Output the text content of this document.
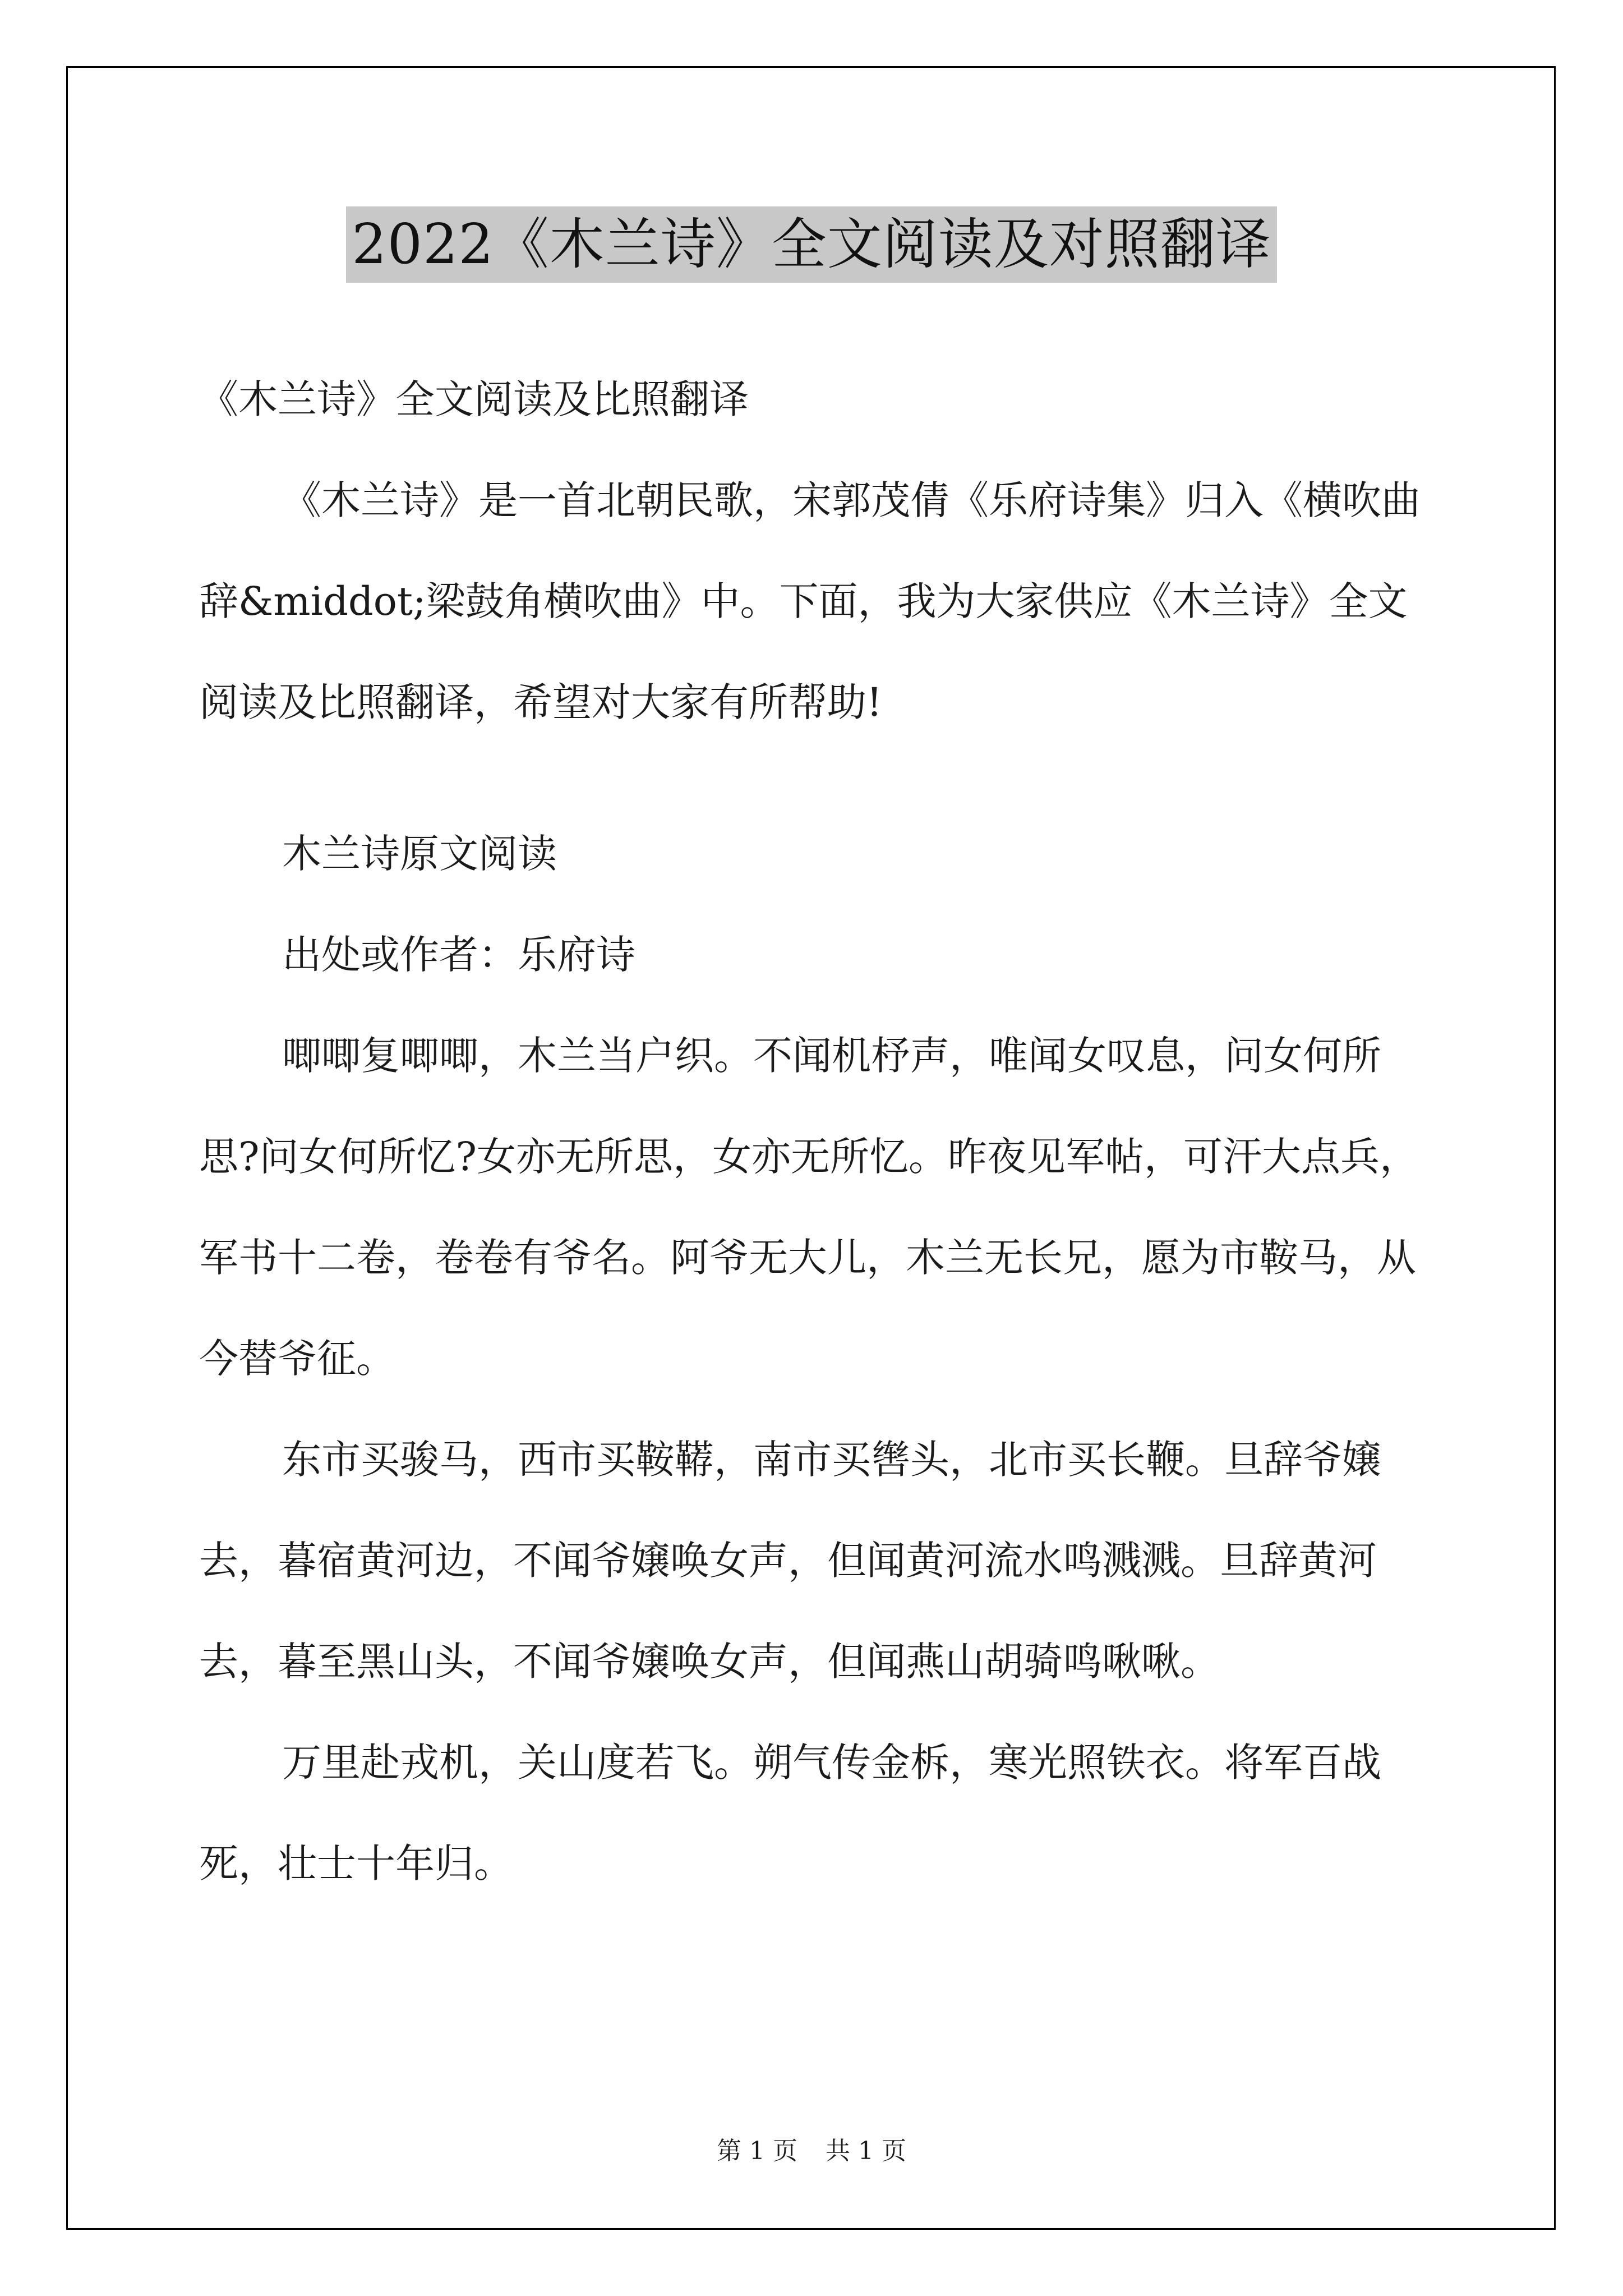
2022《木兰诗》全文阅读及对照翻译

《木兰诗》全文阅读及比照翻译

《木兰诗》是一首北朝民歌，宋郭茂倩《乐府诗集》归入《横吹曲辞&middot;梁鼓角横吹曲》中。下面，我为大家供应《木兰诗》全文阅读及比照翻译，希望对大家有所帮助!

木兰诗原文阅读

出处或作者：乐府诗

唧唧复唧唧，木兰当户织。不闻机杼声，唯闻女叹息，问女何所思?问女何所忆?女亦无所思，女亦无所忆。昨夜见军帖，可汗大点兵，军书十二卷，卷卷有爷名。阿爷无大儿，木兰无长兄，愿为市鞍马，从今替爷征。

东市买骏马，西市买鞍鞯，南市买辔头，北市买长鞭。旦辞爷嬢去，暮宿黄河边，不闻爷嬢唤女声，但闻黄河流水鸣溅溅。旦辞黄河去，暮至黑山头，不闻爷嬢唤女声，但闻燕山胡骑鸣啾啾。

万里赴戎机，关山度若飞。朔气传金柝，寒光照铁衣。将军百战死，壮士十年归。

第 1 页 共 1 页
